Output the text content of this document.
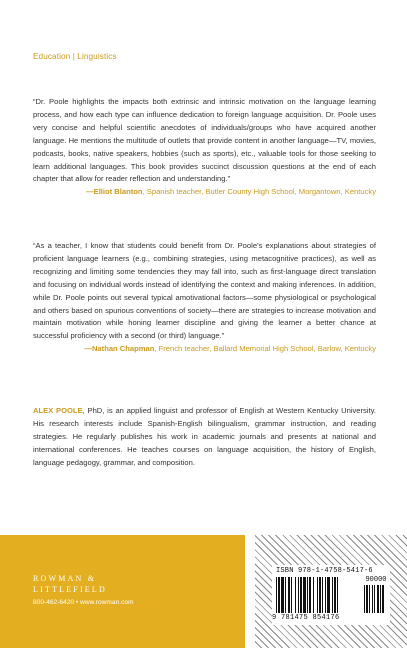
Education | Linguistics
“Dr. Poole highlights the impacts both extrinsic and intrinsic motivation on the language learning process, and how each type can influence dedication to foreign language acquisition. Dr. Poole uses very concise and helpful scientific anecdotes of individuals/groups who have acquired another language. He mentions the multitude of outlets that provide content in another language—TV, movies, podcasts, books, native speakers, hobbies (such as sports), etc., valuable tools for those seeking to learn additional languages. This book provides succinct discussion questions at the end of each chapter that allow for reader reflection and understanding.”
—Elliot Blanton, Spanish teacher, Butler County High School, Morgantown, Kentucky
“As a teacher, I know that students could benefit from Dr. Poole’s explanations about strategies of proficient language learners (e.g., combining strategies, using metacognitive practices), as well as recognizing and limiting some tendencies they may fall into, such as first-language direct translation and focusing on individual words instead of identifying the context and making inferences. In addition, while Dr. Poole points out several typical amotivational factors—some physiological or psychological and others based on spurious conventions of society—there are strategies to increase motivation and maintain motivation while honing learner discipline and giving the learner a better chance at successful proficiency with a second (or third) language.”
—Nathan Chapman, French teacher, Ballard Memorial High School, Barlow, Kentucky
ALEX POOLE, PhD, is an applied linguist and professor of English at Western Kentucky University. His research interests include Spanish-English bilingualism, grammar instruction, and reading strategies. He regularly publishes his work in academic journals and presents at national and international conferences. He teaches courses on language acquisition, the history of English, language pedagogy, grammar, and composition.
ROWMAN &
LITTLEFIELD
800-462-6420 • www.rowman.com
ISBN 978-1-4758-5417-6
90000
9 781475 854176
